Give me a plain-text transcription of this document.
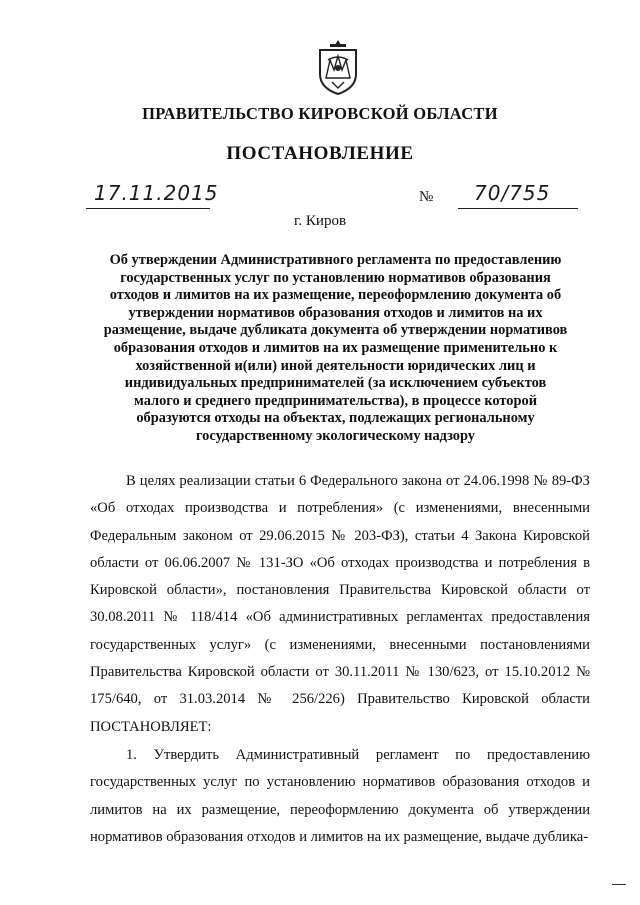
ПРАВИТЕЛЬСТВО КИРОВСКОЙ ОБЛАСТИ
ПОСТАНОВЛЕНИЕ
17.11.2015	№ 70/755
г. Киров
Об утверждении Административного регламента по предоставлению
государственных услуг по установлению нормативов образования
отходов и лимитов на их размещение, переоформлению документа об
утверждении нормативов образования отходов и лимитов на их
размещение, выдаче дубликата документа об утверждении нормативов
образования отходов и лимитов на их размещение применительно к
хозяйственной и(или) иной деятельности юридических лиц и
индивидуальных предпринимателей (за исключением субъектов
малого и среднего предпринимательства), в процессе которой
образуются отходы на объектах, подлежащих региональному
государственному экологическому надзору

В целях реализации статьи 6 Федерального закона от 24.06.1998 № 89-ФЗ «Об отходах производства и потребления» (с изменениями, внесенными Федеральным законом от 29.06.2015 № 203-ФЗ), статьи 4 Закона Кировской области от 06.06.2007 № 131-ЗО «Об отходах производства и потребления в Кировской области», постановления Правительства Кировской области от 30.08.2011 № 118/414 «Об административных регламентах предоставления государственных услуг» (с изменениями, внесенными постановлениями Правительства Кировской области от 30.11.2011 № 130/623, от 15.10.2012 № 175/640, от 31.03.2014 № 256/226) Правительство Кировской области ПОСТАНОВЛЯЕТ:

1. Утвердить Административный регламент по предоставлению государственных услуг по установлению нормативов образования отходов и лимитов на их размещение, переоформлению документа об утверждении нормативов образования отходов и лимитов на их размещение, выдаче дублика-
